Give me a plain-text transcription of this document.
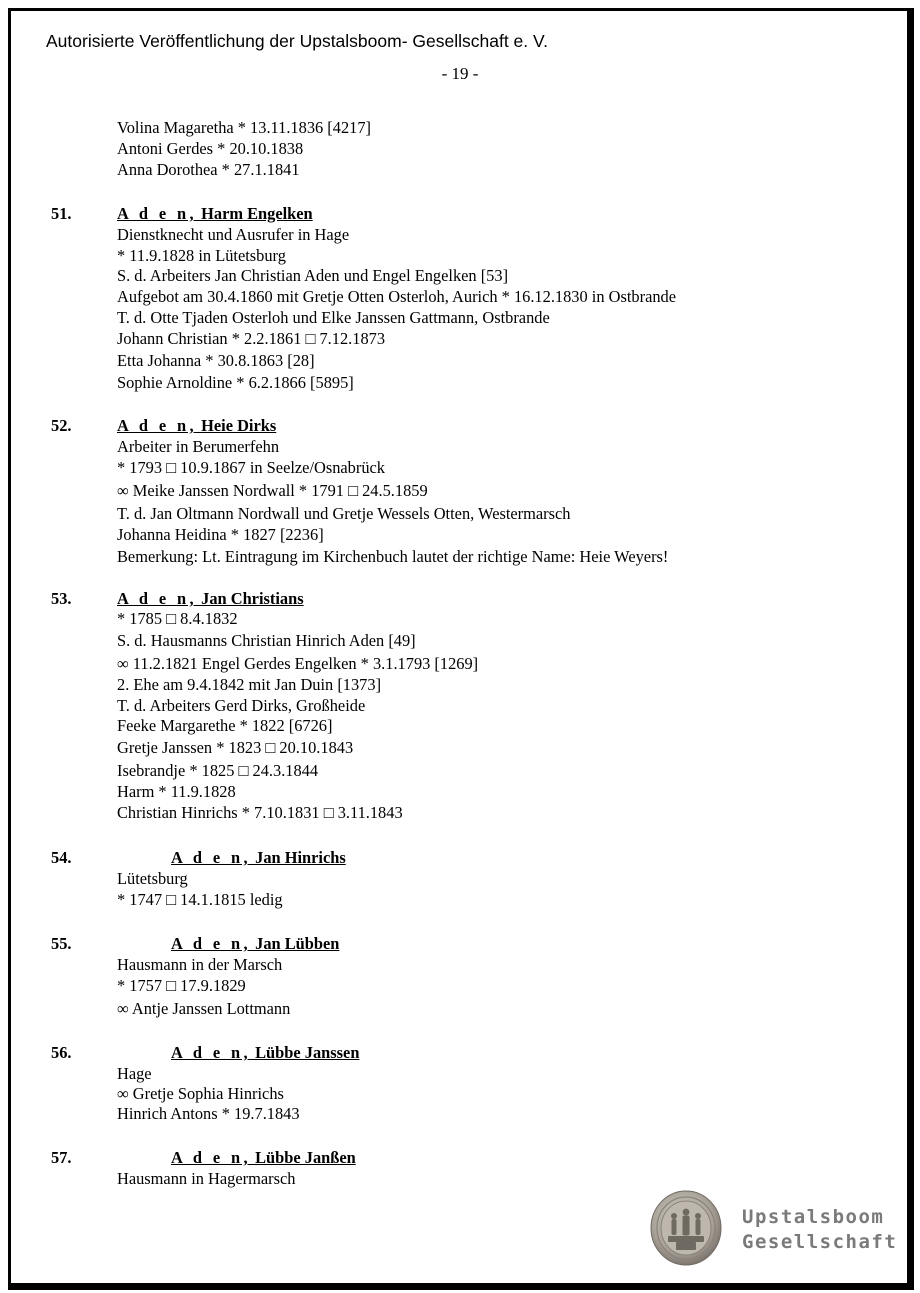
Autorisierte Veröffentlichung der Upstalsboom- Gesellschaft e. V.
- 19 -
Volina Magaretha * 13.11.1836 [4217]
Antoni Gerdes * 20.10.1838
Anna Dorothea * 27.1.1841
51.	A d e n, Harm Engelken
Dienstknecht und Ausrufer in Hage
* 11.9.1828 in Lütetsburg
S. d. Arbeiters Jan Christian Aden und Engel Engelken [53]
Aufgebot am 30.4.1860 mit Gretje Otten Osterloh, Aurich * 16.12.1830 in Ostbrande
T. d. Otte Tjaden Osterloh und Elke Janssen Gattmann, Ostbrande
Johann Christian * 2.2.1861 □ 7.12.1873
Etta Johanna * 30.8.1863 [28]
Sophie Arnoldine * 6.2.1866 [5895]
52.	A d e n, Heie Dirks
Arbeiter in Berumerfehn
* 1793 □ 10.9.1867 in Seelze/Osnabrück
∞ Meike Janssen Nordwall * 1791 □ 24.5.1859
T. d. Jan Oltmann Nordwall und Gretje Wessels Otten, Westermarsch
Johanna Heidina * 1827 [2236]
Bemerkung: Lt. Eintragung im Kirchenbuch lautet der richtige Name: Heie Weyers!
53.	A d e n, Jan Christians
* 1785 □ 8.4.1832
S. d. Hausmanns Christian Hinrich Aden [49]
∞ 11.2.1821 Engel Gerdes Engelken * 3.1.1793 [1269]
2. Ehe am 9.4.1842 mit Jan Duin [1373]
T. d. Arbeiters Gerd Dirks, Großheide
Feeke Margarethe * 1822 [6726]
Gretje Janssen * 1823 □ 20.10.1843
Isebrandje * 1825 □ 24.3.1844
Harm * 11.9.1828
Christian Hinrichs * 7.10.1831 □ 3.11.1843
54.	A d e n, Jan Hinrichs
Lütetsburg
* 1747 □ 14.1.1815 ledig
55.	A d e n, Jan Lübben
Hausmann in der Marsch
* 1757 □ 17.9.1829
∞ Antje Janssen Lottmann
56.	A d e n, Lübbe Janssen
Hage
∞ Gretje Sophia Hinrichs
Hinrich Antons * 19.7.1843
57.	A d e n, Lübbe Janßen
Hausmann in Hagermarsch
Upstalsboom
Gesellschaft
